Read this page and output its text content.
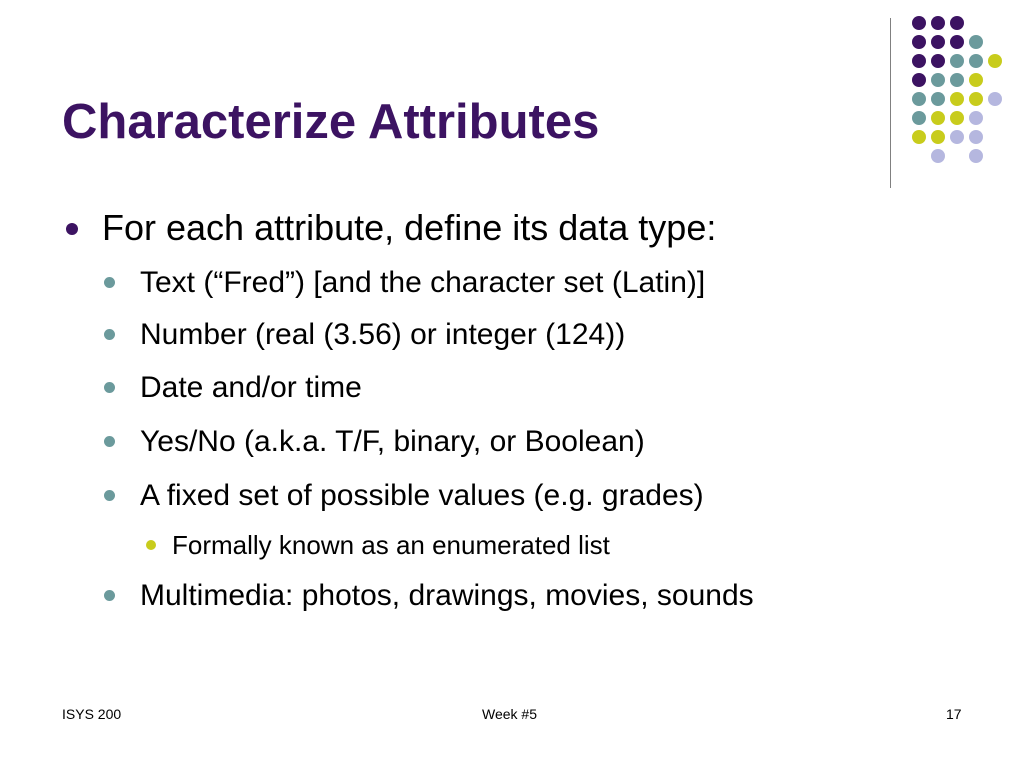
Characterize Attributes
For each attribute, define its data type:
Text (“Fred”) [and the character set (Latin)]
Number (real (3.56) or integer (124))
Date and/or time
Yes/No (a.k.a. T/F, binary, or Boolean)
A fixed set of possible values (e.g. grades)
Formally known as an enumerated list
Multimedia: photos, drawings, movies, sounds
ISYS 200	Week #5	17
